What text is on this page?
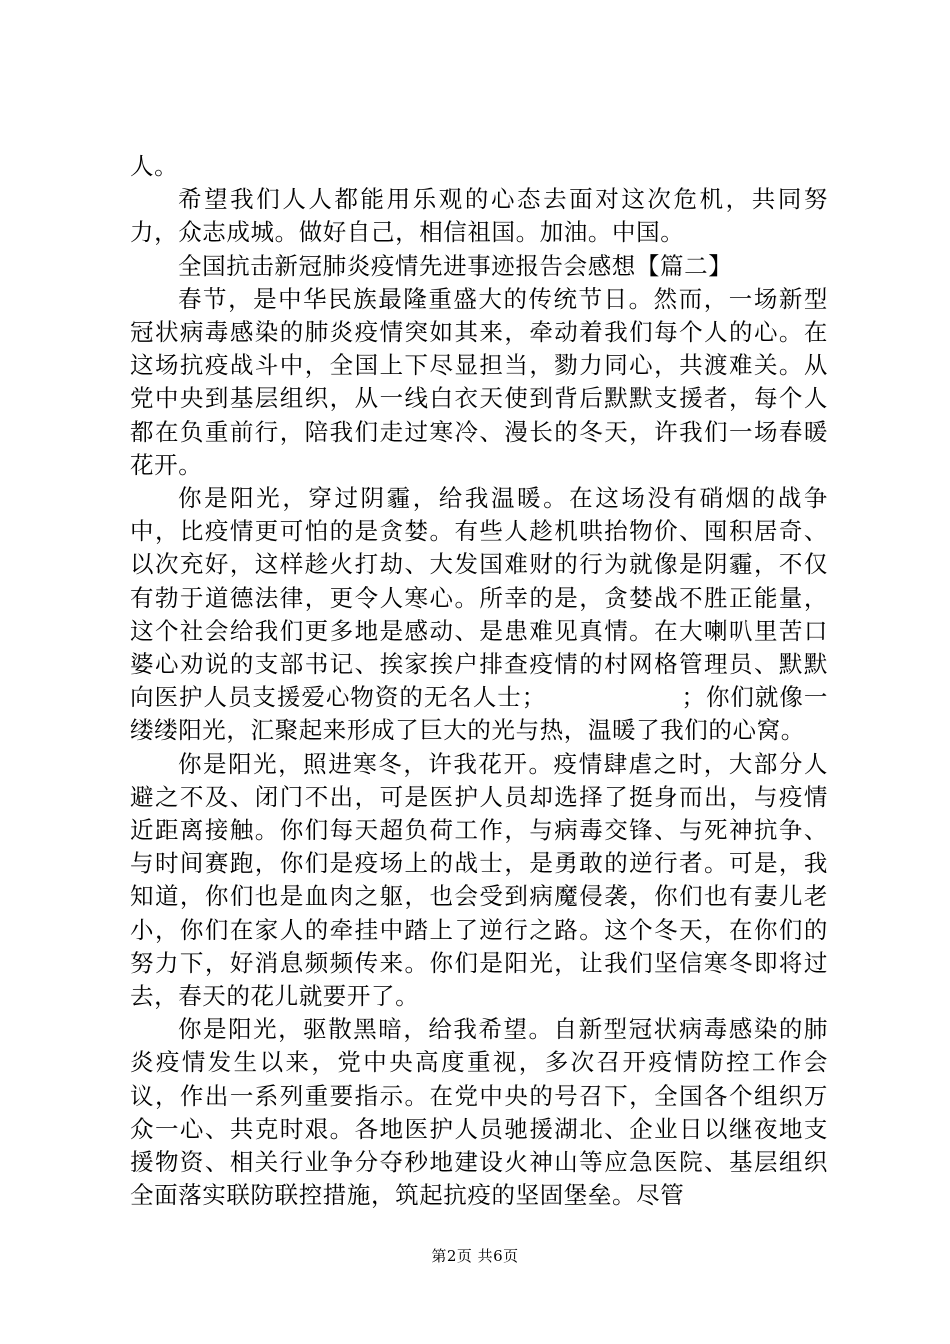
人。

希望我们人人都能用乐观的心态去面对这次危机，共同努力，众志成城。做好自己，相信祖国。加油。中国。

全国抗击新冠肺炎疫情先进事迹报告会感想【篇二】

春节，是中华民族最隆重盛大的传统节日。然而，一场新型冠状病毒感染的肺炎疫情突如其来，牵动着我们每个人的心。在这场抗疫战斗中，全国上下尽显担当，勠力同心，共渡难关。从党中央到基层组织，从一线白衣天使到背后默默支援者，每个人都在负重前行，陪我们走过寒冷、漫长的冬天，许我们一场春暖花开。

你是阳光，穿过阴霾，给我温暖。在这场没有硝烟的战争中，比疫情更可怕的是贪婪。有些人趁机哄抬物价、囤积居奇、以次充好，这样趁火打劫、大发国难财的行为就像是阴霾，不仅有勃于道德法律，更令人寒心。所幸的是，贪婪战不胜正能量，这个社会给我们更多地是感动、是患难见真情。在大喇叭里苦口婆心劝说的支部书记、挨家挨户排查疫情的村网格管理员、默默向医护人员支援爱心物资的无名人士；　　　　　　；你们就像一缕缕阳光，汇聚起来形成了巨大的光与热，温暖了我们的心窝。

你是阳光，照进寒冬，许我花开。疫情肆虐之时，大部分人避之不及、闭门不出，可是医护人员却选择了挺身而出，与疫情近距离接触。你们每天超负荷工作，与病毒交锋、与死神抗争、与时间赛跑，你们是疫场上的战士，是勇敢的逆行者。可是，我知道，你们也是血肉之躯，也会受到病魔侵袭，你们也有妻儿老小，你们在家人的牵挂中踏上了逆行之路。这个冬天，在你们的努力下，好消息频频传来。你们是阳光，让我们坚信寒冬即将过去，春天的花儿就要开了。

你是阳光，驱散黑暗，给我希望。自新型冠状病毒感染的肺炎疫情发生以来，党中央高度重视，多次召开疫情防控工作会议，作出一系列重要指示。在党中央的号召下，全国各个组织万众一心、共克时艰。各地医护人员驰援湖北、企业日以继夜地支援物资、相关行业争分夺秒地建设火神山等应急医院、基层组织全面落实联防联控措施，筑起抗疫的坚固堡垒。尽管

第2页 共6页
